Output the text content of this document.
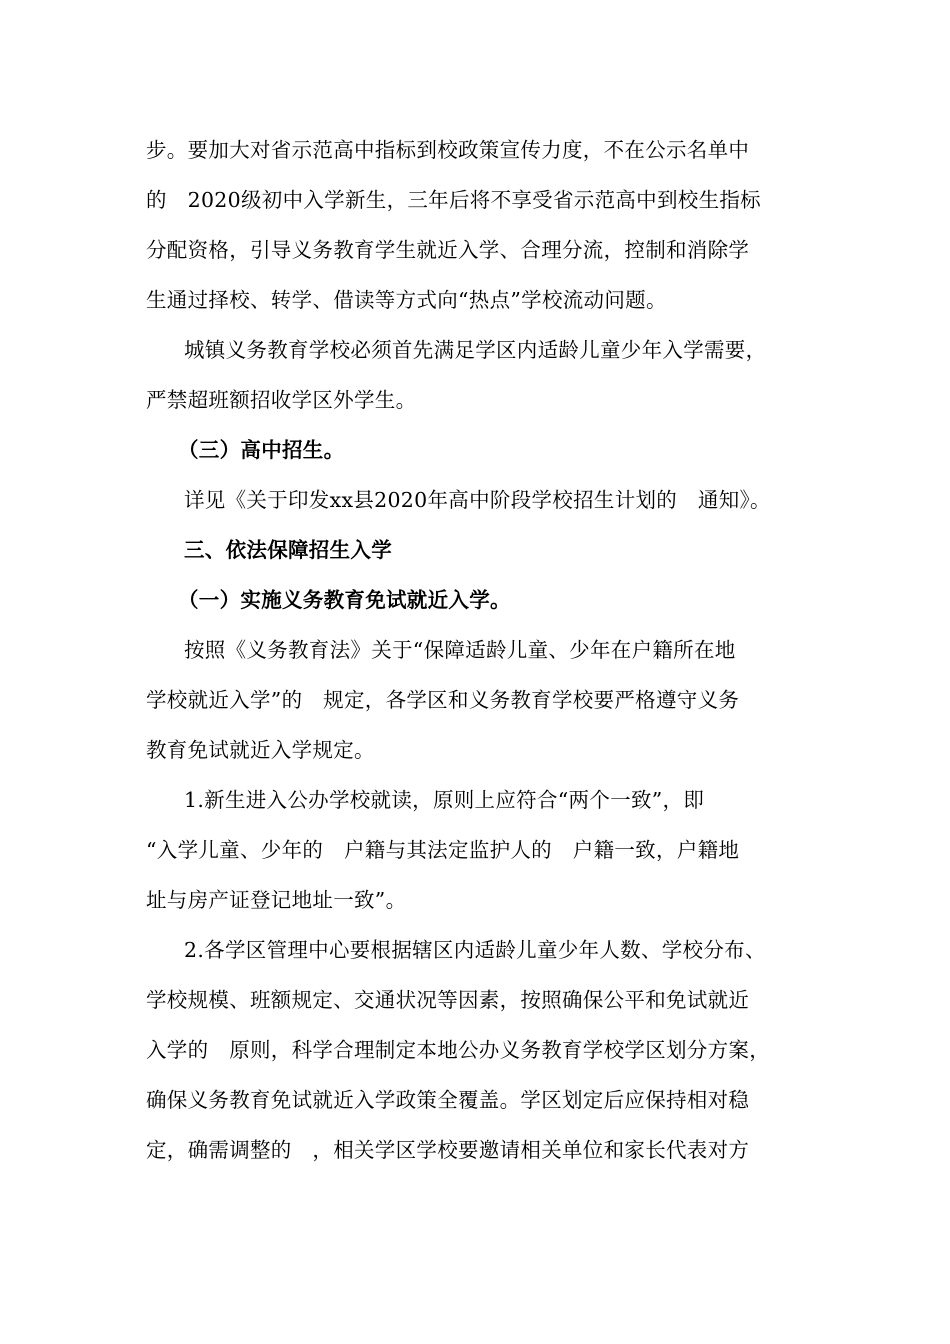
步。要加大对省示范高中指标到校政策宣传力度，不在公示名单中
的　2020级初中入学新生，三年后将不享受省示范高中到校生指标
分配资格，引导义务教育学生就近入学、合理分流，控制和消除学
生通过择校、转学、借读等方式向“热点”学校流动问题。
城镇义务教育学校必须首先满足学区内适龄儿童少年入学需要，
严禁超班额招收学区外学生。
（三）高中招生。
详见《关于印发xx县2020年高中阶段学校招生计划的　通知》。
三、依法保障招生入学
（一）实施义务教育免试就近入学。
按照《义务教育法》关于“保障适龄儿童、少年在户籍所在地
学校就近入学”的　规定，各学区和义务教育学校要严格遵守义务
教育免试就近入学规定。
1.新生进入公办学校就读，原则上应符合“两个一致”，即
“入学儿童、少年的　户籍与其法定监护人的　户籍一致，户籍地
址与房产证登记地址一致”。
2.各学区管理中心要根据辖区内适龄儿童少年人数、学校分布、
学校规模、班额规定、交通状况等因素，按照确保公平和免试就近
入学的　原则，科学合理制定本地公办义务教育学校学区划分方案，
确保义务教育免试就近入学政策全覆盖。学区划定后应保持相对稳
定，确需调整的　，相关学区学校要邀请相关单位和家长代表对方
